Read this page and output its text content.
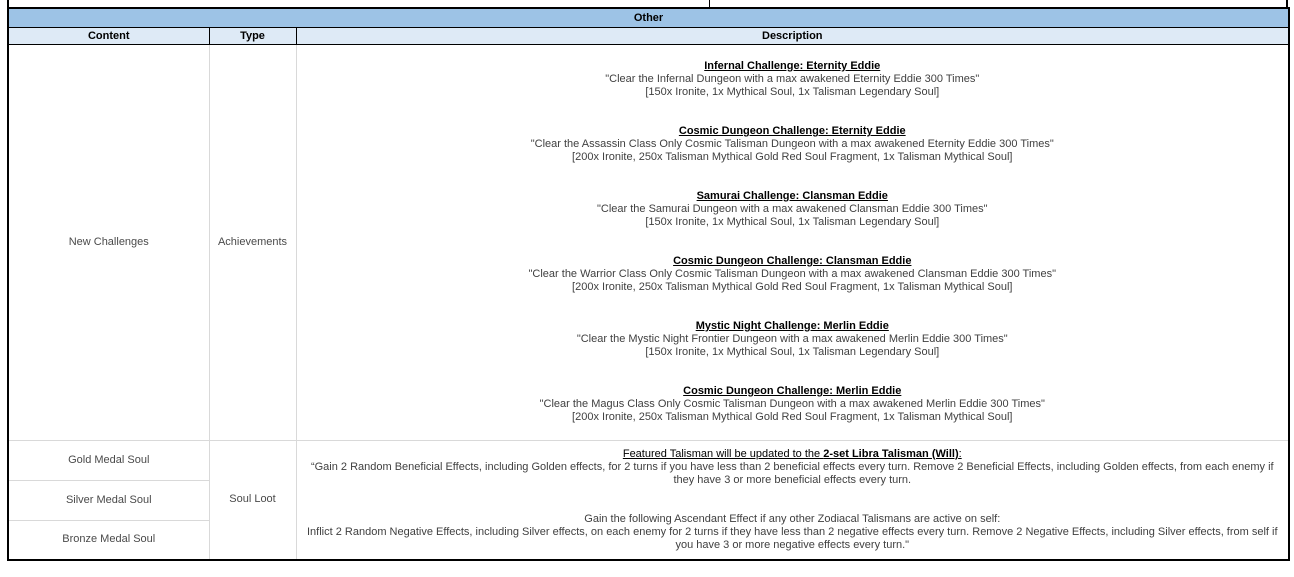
Other		
Content	Type	Description
New Challenges	Achievements	
Infernal Challenge: Eternity Eddie
"Clear the Infernal Dungeon with a max awakened Eternity Eddie 300 Times"
[150x Ironite, 1x Mythical Soul, 1x Talisman Legendary Soul]
Cosmic Dungeon Challenge: Eternity Eddie
"Clear the Assassin Class Only Cosmic Talisman Dungeon with a max awakened Eternity Eddie 300 Times"
[200x Ironite, 250x Talisman Mythical Gold Red Soul Fragment, 1x Talisman Mythical Soul]
Samurai Challenge: Clansman Eddie
"Clear the Samurai Dungeon with a max awakened Clansman Eddie 300 Times"
[150x Ironite, 1x Mythical Soul, 1x Talisman Legendary Soul]
Cosmic Dungeon Challenge: Clansman Eddie
"Clear the Warrior Class Only Cosmic Talisman Dungeon with a max awakened Clansman Eddie 300 Times"
[200x Ironite, 250x Talisman Mythical Gold Red Soul Fragment, 1x Talisman Mythical Soul]
Mystic Night Challenge: Merlin Eddie
"Clear the Mystic Night Frontier Dungeon with a max awakened Merlin Eddie 300 Times"
[150x Ironite, 1x Mythical Soul, 1x Talisman Legendary Soul]
Cosmic Dungeon Challenge: Merlin Eddie
"Clear the Magus Class Only Cosmic Talisman Dungeon with a max awakened Merlin Eddie 300 Times"
[200x Ironite, 250x Talisman Mythical Gold Red Soul Fragment, 1x Talisman Mythical Soul]

Gold Medal Soul	Soul Loot	Featured Talisman will be updated to the 2-set Libra Talisman (Will):
“Gain 2 Random Beneficial Effects, including Golden effects, for 2 turns if you have less than 2 beneficial effects every turn. Remove 2 Beneficial Effects, including Golden effects, from each enemy if they have 3 or more beneficial effects every turn.
Gain the following Ascendant Effect if any other Zodiacal Talismans are active on self:
Inflict 2 Random Negative Effects, including Silver effects, on each enemy for 2 turns if they have less than 2 negative effects every turn. Remove 2 Negative Effects, including Silver effects, from self if you have 3 or more negative effects every turn."

Silver Medal Soul		
Bronze Medal Soul		
